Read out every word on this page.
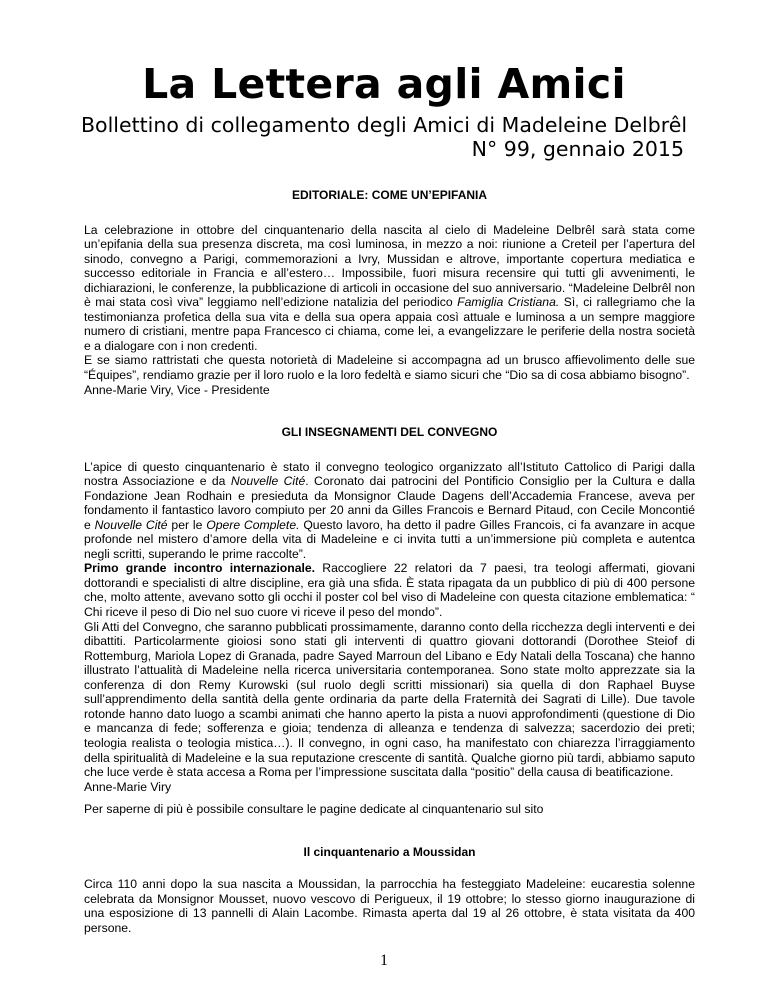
La Lettera agli Amici

Bollettino di collegamento degli Amici di Madeleine Delbrêl

N° 99, gennaio 2015

EDITORIALE: COME UN’EPIFANIA

La celebrazione in ottobre del cinquantenario della nascita al cielo di Madeleine Delbrêl sarà stata come un’epifania della sua presenza discreta, ma così luminosa, in mezzo a noi: riunione a Creteil per l’apertura del sinodo, convegno a Parigi, commemorazioni a Ivry, Mussidan e altrove, importante copertura mediatica e successo editoriale in Francia e all’estero… Impossibile, fuori misura recensire qui tutti gli avvenimenti, le dichiarazioni, le conferenze, la pubblicazione di articoli in occasione del suo anniversario. “Madeleine Delbrêl non è mai stata così viva” leggiamo nell’edizione natalizia del periodico Famiglia Cristiana. Sì, ci rallegriamo che la testimonianza profetica della sua vita e della sua opera appaia così attuale e luminosa a un sempre maggiore numero di cristiani, mentre papa Francesco ci chiama, come lei, a evangelizzare le periferie della nostra società e a dialogare con i non credenti.

E se siamo rattristati che questa notorietà di Madeleine si accompagna ad un brusco affievolimento delle sue “Équipes”, rendiamo grazie per il loro ruolo e la loro fedeltà e siamo sicuri che “Dio sa di cosa abbiamo bisogno”.

Anne-Marie Viry, Vice - Presidente

GLI INSEGNAMENTI DEL CONVEGNO

L’apice di questo cinquantenario è stato il convegno teologico organizzato all’Istituto Cattolico di Parigi dalla nostra Associazione e da Nouvelle Cité. Coronato dai patrocini del Pontificio Consiglio per la Cultura e dalla Fondazione Jean Rodhain e presieduta da Monsignor Claude Dagens dell’Accademia Francese, aveva per fondamento il fantastico lavoro compiuto per 20 anni da Gilles Francois e Bernard Pitaud, con Cecile Moncontié e Nouvelle Cité per le Opere Complete. Questo lavoro, ha detto il padre Gilles Francois, ci fa avanzare in acque profonde nel mistero d’amore della vita di Madeleine e ci invita tutti a un’immersione più completa e autentca negli scritti, superando le prime raccolte”.

Primo grande incontro internazionale. Raccogliere 22 relatori da 7 paesi, tra teologi affermati, giovani dottorandi e specialisti di altre discipline, era già una sfida. È stata ripagata da un pubblico di più di 400 persone che, molto attente, avevano sotto gli occhi il poster col bel viso di Madeleine con questa citazione emblematica: “ Chi riceve il peso di Dio nel suo cuore vi riceve il peso del mondo”.

Gli Atti del Convegno, che saranno pubblicati prossimamente, daranno conto della ricchezza degli interventi e dei dibattiti. Particolarmente gioiosi sono stati gli interventi di quattro giovani dottorandi (Dorothee Steiof di Rottemburg, Mariola Lopez di Granada, padre Sayed Marroun del Libano e Edy Natali della Toscana) che hanno illustrato l’attualità di Madeleine nella ricerca universitaria contemporanea. Sono state molto apprezzate sia la conferenza di don Remy Kurowski (sul ruolo degli scritti missionari) sia quella di don Raphael Buyse sull’apprendimento della santità della gente ordinaria da parte della Fraternità dei Sagrati di Lille). Due tavole rotonde hanno dato luogo a scambi animati che hanno aperto la pista a nuovi approfondimenti (questione di Dio e mancanza di fede; sofferenza e gioia; tendenza di alleanza e tendenza di salvezza; sacerdozio dei preti; teologia realista o teologia mistica…). Il convegno, in ogni caso, ha manifestato con chiarezza l’irraggiamento della spiritualità di Madeleine e la sua reputazione crescente di santità. Qualche giorno più tardi, abbiamo saputo che luce verde è stata accesa a Roma per l’impressione suscitata dalla “positio” della causa di beatificazione.

Anne-Marie Viry

Per saperne di più è possibile consultare le pagine dedicate al cinquantenario sul sito

Il cinquantenario a Moussidan

Circa 110 anni dopo la sua nascita a Moussidan, la parrocchia ha festeggiato Madeleine: eucarestia solenne celebrata da Monsignor Mousset, nuovo vescovo di Perigueux, il 19 ottobre; lo stesso giorno inaugurazione di una esposizione di 13 pannelli di Alain Lacombe. Rimasta aperta dal 19 al 26 ottobre, è stata visitata da 400 persone.

1
